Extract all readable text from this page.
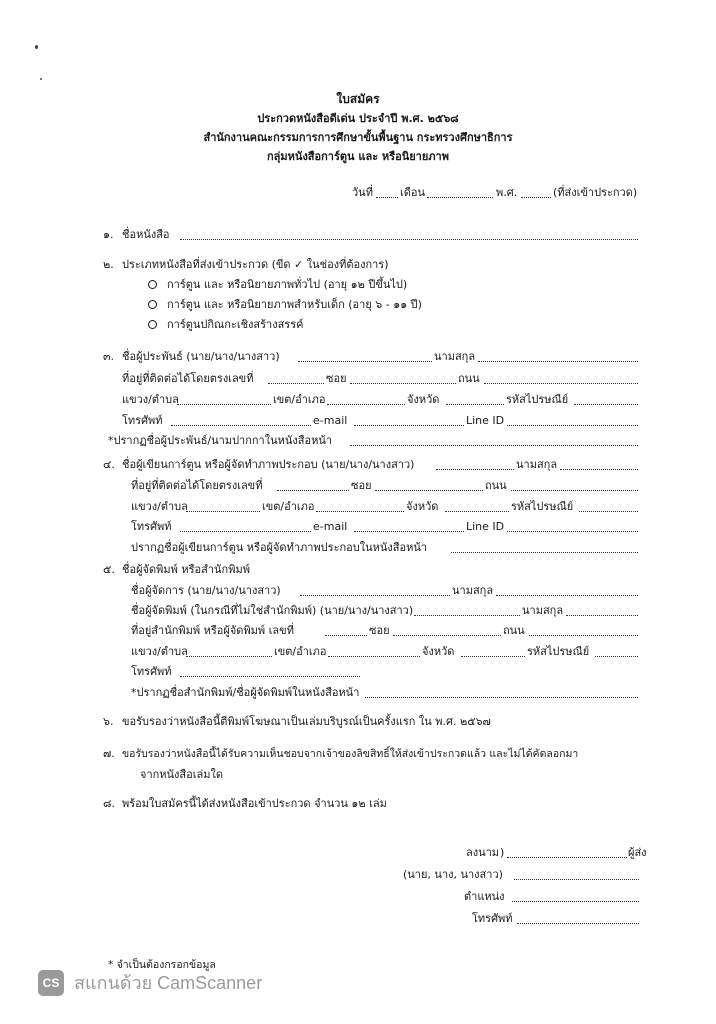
ใบสมัคร
ประกวดหนังสือดีเด่น ประจำปี พ.ศ. ๒๕๖๘
สำนักงานคณะกรรมการการศึกษาขั้นพื้นฐาน กระทรวงศึกษาธิการ
กลุ่มหนังสือการ์ตูน และ หรือนิยายภาพ
วันที่ เดือน	พ.ศ.	(ที่ส่งเข้าประกวด)
๑. ชื่อหนังสือ
๒. ประเภทหนังสือที่ส่งเข้าประกวด (ขีด ✓ ในช่องที่ต้องการ)
การ์ตูน และ หรือนิยายภาพทั่วไป (อายุ ๑๒ ปีขึ้นไป)
การ์ตูน และ หรือนิยายภาพสำหรับเด็ก (อายุ ๖ - ๑๑ ปี)
การ์ตูนปกิณกะเชิงสร้างสรรค์
๓. ชื่อผู้ประพันธ์ (นาย/นาง/นางสาว)	นามสกุล
ที่อยู่ที่ติดต่อได้โดยตรงเลขที่	ซอย	ถนน
แขวง/ตำบล	เขต/อำเภอ	จังหวัด	รหัสไปรษณีย์
โทรศัพท์	e-mail	Line ID
*ปรากฏชื่อผู้ประพันธ์/นามปากกาในหนังสือหน้า
๔. ชื่อผู้เขียนการ์ตูน หรือผู้จัดทำภาพประกอบ (นาย/นาง/นางสาว)	นามสกุล
ที่อยู่ที่ติดต่อได้โดยตรงเลขที่	ซอย	ถนน
แขวง/ตำบล	เขต/อำเภอ	จังหวัด	รหัสไปรษณีย์
โทรศัพท์	e-mail	Line ID
ปรากฏชื่อผู้เขียนการ์ตูน หรือผู้จัดทำภาพประกอบในหนังสือหน้า
๕. ชื่อผู้จัดพิมพ์ หรือสำนักพิมพ์
ชื่อผู้จัดการ (นาย/นาง/นางสาว)	นามสกุล
ชื่อผู้จัดพิมพ์ (ในกรณีที่ไม่ใช่สำนักพิมพ์) (นาย/นาง/นางสาว)	นามสกุล
ที่อยู่สำนักพิมพ์ หรือผู้จัดพิมพ์ เลขที่	ซอย	ถนน
แขวง/ตำบล	เขต/อำเภอ	จังหวัด	รหัสไปรษณีย์
โทรศัพท์
*ปรากฏชื่อสำนักพิมพ์/ชื่อผู้จัดพิมพ์ในหนังสือหน้า
๖. ขอรับรองว่าหนังสือนี้ตีพิมพ์โฆษณาเป็นเล่มบริบูรณ์เป็นครั้งแรก ใน พ.ศ. ๒๕๖๗
๗. ขอรับรองว่าหนังสือนี้ได้รับความเห็นชอบจากเจ้าของลิขสิทธิ์ให้ส่งเข้าประกวดแล้ว และไม่ได้คัดลอกมา
จากหนังสือเล่มใด
๘. พร้อมใบสมัครนี้ได้ส่งหนังสือเข้าประกวด จำนวน ๑๒ เล่ม
ลงนาม )	ผู้ส่ง
(นาย, นาง, นางสาว)
ตำแหน่ง
โทรศัพท์
* จำเป็นต้องกรอกข้อมูล
CS สแกนด้วย CamScanner
